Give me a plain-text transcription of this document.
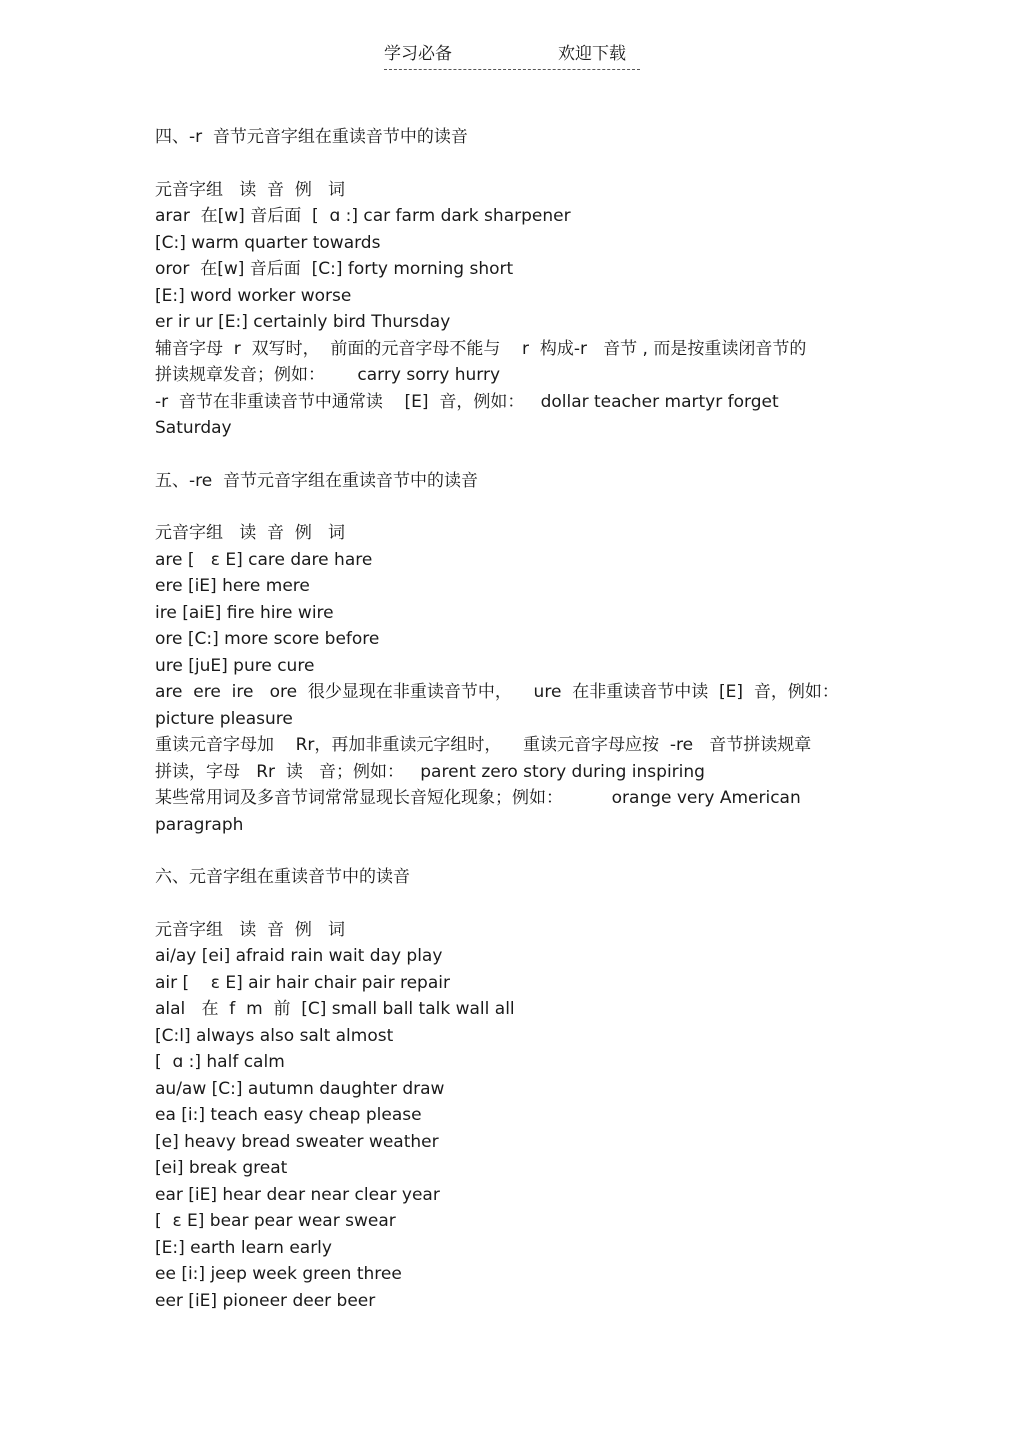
学习必备	欢迎下载

四、-r  音节元音字组在重读音节中的读音

元音字组   读  音  例   词

arar  在[w] 音后面  [  ɑ :] car farm dark sharpener

[C:] warm quarter towards

oror  在[w] 音后面  [C:] forty morning short

[E:] word worker worse

er ir ur [E:] certainly bird Thursday

辅音字母  r  双写时，  前面的元音字母不能与    r  构成-r   音节 , 而是按重读闭音节的

拼读规章发音；例如：      carry sorry hurry

-r  音节在非重读音节中通常读    [E]  音，例如：   dollar teacher martyr forget

Saturday

五、-re  音节元音字组在重读音节中的读音

元音字组   读  音  例   词

are [   ɛ E] care dare hare

ere [iE] here mere

ire [aiE] fire hire wire

ore [C:] more score before

ure [juE] pure cure

are  ere  ire   ore  很少显现在非重读音节中，    ure  在非重读音节中读  [E]  音，例如：

picture pleasure

重读元音字母加    Rr，再加非重读元字组时，    重读元音字母应按  -re   音节拼读规章

拼读，字母   Rr  读   音；例如：   parent zero story during inspiring

某些常用词及多音节词常常显现长音短化现象；例如：         orange very American

paragraph

六、元音字组在重读音节中的读音

元音字组   读  音  例   词

ai/ay [ei] afraid rain wait day play

air [    ɛ E] air hair chair pair repair

alal   在  f  m  前  [C] small ball talk wall all

[C:l] always also salt almost

[  ɑ :] half calm

au/aw [C:] autumn daughter draw

ea [i:] teach easy cheap please

[e] heavy bread sweater weather

[ei] break great

ear [iE] hear dear near clear year

[  ɛ E] bear pear wear swear

[E:] earth learn early

ee [i:] jeep week green three

eer [iE] pioneer deer beer
